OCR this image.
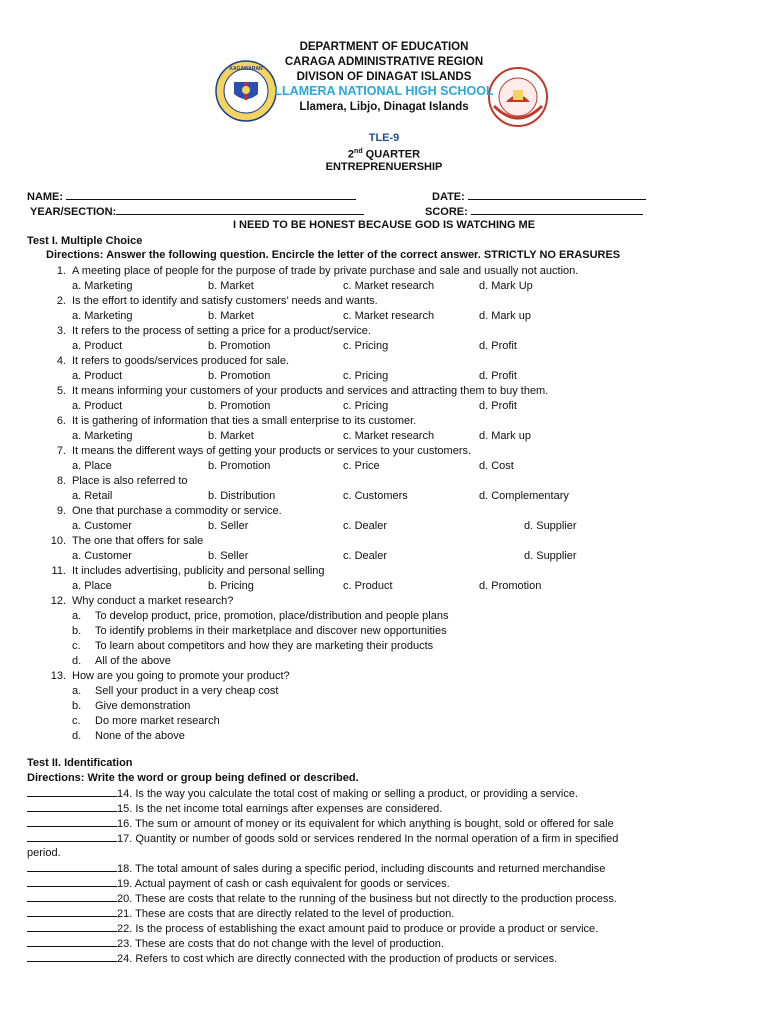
KAGAWARAN
DEPARTMENT OF EDUCATION
CARAGA ADMINISTRATIVE REGION
DIVISON OF DINAGAT ISLANDS
LLAMERA NATIONAL HIGH SCHOOL
Llamera, Libjo, Dinagat Islands
TLE-9
2nd QUARTER
ENTREPRENUERSHIP
NAME:	DATE:
YEAR/SECTION:	SCORE:
I NEED TO BE HONEST BECAUSE GOD IS WATCHING ME
Test I. Multiple Choice
Directions: Answer the following question. Encircle the letter of the correct answer. STRICTLY NO ERASURES
1. A meeting place of people for the purpose of trade by private purchase and sale and usually not auction.
a. Marketing	b. Market	c. Market research	d. Mark Up
2. Is the effort to identify and satisfy customers’ needs and wants.
a. Marketing	b. Market	c. Market research	d. Mark up
3. It refers to the process of setting a price for a product/service.
a. Product	b. Promotion	c. Pricing	d. Profit
4. It refers to goods/services produced for sale.
a. Product	b. Promotion	c. Pricing	d. Profit
5. It means informing your customers of your products and services and attracting them to buy them.
a. Product	b. Promotion	c. Pricing	d. Profit
6. It is gathering of information that ties a small enterprise to its customer.
a. Marketing	b. Market	c. Market research	d. Mark up
7. It means the different ways of getting your products or services to your customers.
a. Place	b. Promotion	c. Price	d. Cost
8. Place is also referred to
a. Retail	b. Distribution	c. Customers	d. Complementary
9. One that purchase a commodity or service.
a. Customer	b. Seller	c. Dealer	d. Supplier
10. The one that offers for sale
a. Customer	b. Seller	c. Dealer	d. Supplier
11. It includes advertising, publicity and personal selling
a. Place	b. Pricing	c. Product	d. Promotion
12. Why conduct a market research?
a. To develop product, price, promotion, place/distribution and people plans
b. To identify problems in their marketplace and discover new opportunities
c. To learn about competitors and how they are marketing their products
d. All of the above
13. How are you going to promote your product?
a. Sell your product in a very cheap cost
b. Give demonstration
c. Do more market research
d. None of the above
Test II. Identification
Directions: Write the word or group being defined or described.
14. Is the way you calculate the total cost of making or selling a product, or providing a service.
15. Is the net income total earnings after expenses are considered.
16. The sum or amount of money or its equivalent for which anything is bought, sold or offered for sale
17. Quantity or number of goods sold or services rendered In the normal operation of a firm in specified
period.
18. The total amount of sales during a specific period, including discounts and returned merchandise
19. Actual payment of cash or cash equivalent for goods or services.
20. These are costs that relate to the running of the business but not directly to the production process.
21. These are costs that are directly related to the level of production.
22. Is the process of establishing the exact amount paid to produce or provide a product or service.
23. These are costs that do not change with the level of production.
24. Refers to cost which are directly connected with the production of products or services.
